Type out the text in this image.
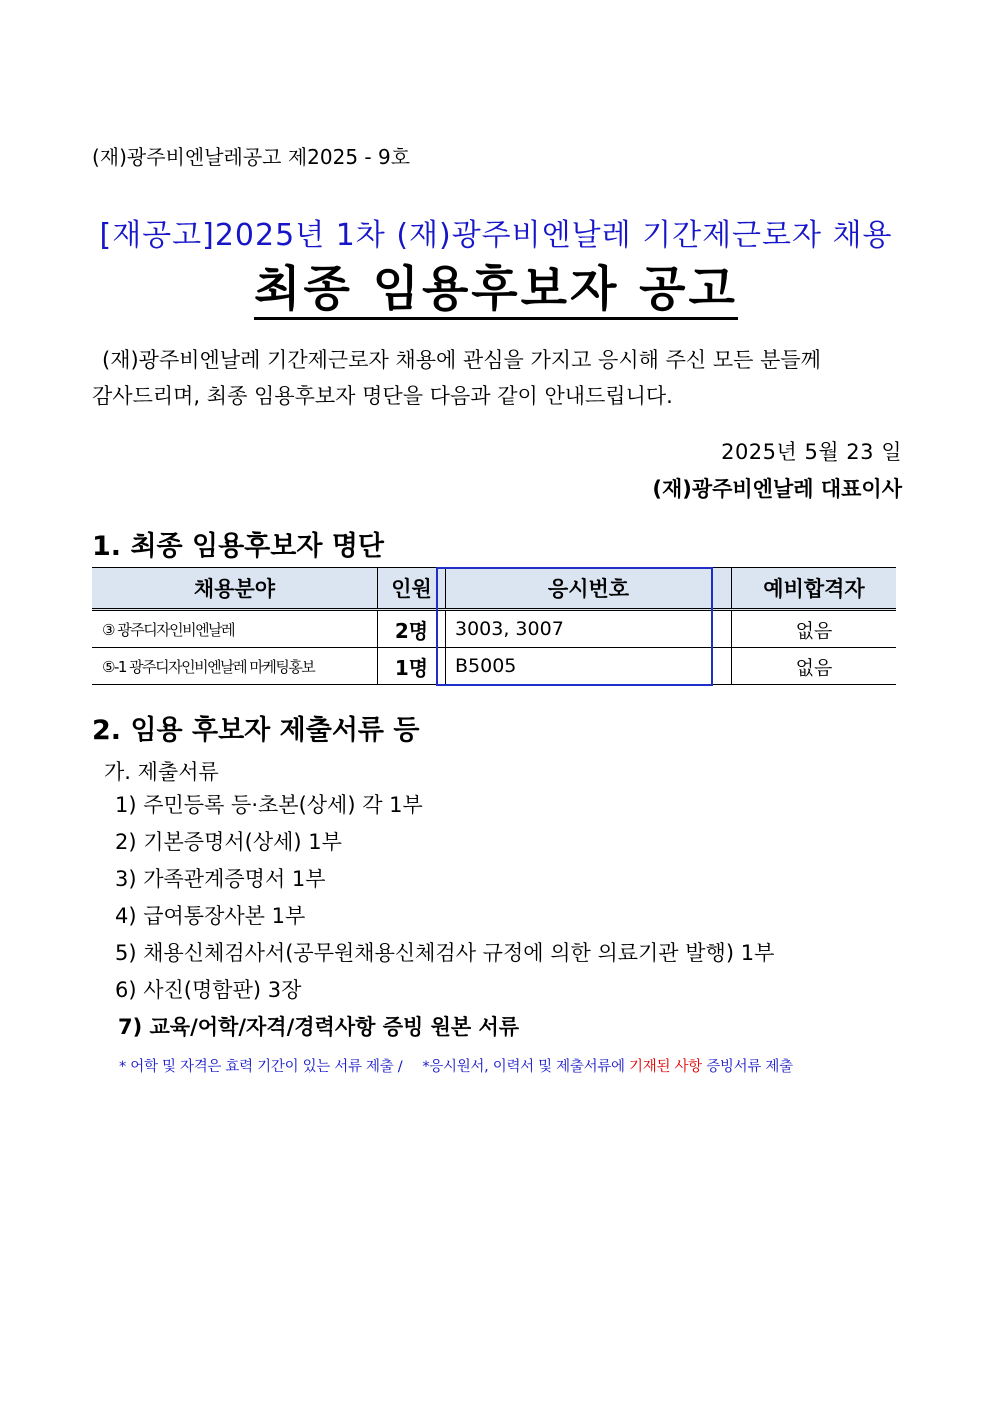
(재)광주비엔날레공고 제2025 - 9호
[재공고]2025년 1차 (재)광주비엔날레 기간제근로자 채용
최종 임용후보자 공고

(재)광주비엔날레 기간제근로자 채용에 관심을 가지고 응시해 주신 모든 분들께

감사드리며, 최종 임용후보자 명단을 다음과 같이 안내드립니다.

2025년 5월 23 일
(재)광주비엔날레 대표이사
1. 최종 임용후보자 명단
채용분야	인원	응시번호	예비합격자
③ 광주디자인비엔날레	2명	3003, 3007	없음
⑤-1 광주디자인비엔날레 마케팅홍보	1명	B5005	없음
2. 임용 후보자 제출서류 등
가. 제출서류
1) 주민등록 등·초본(상세) 각 1부
2) 기본증명서(상세) 1부
3) 가족관계증명서 1부
4) 급여통장사본 1부
5) 채용신체검사서(공무원채용신체검사 규정에 의한 의료기관 발행) 1부
6) 사진(명함판) 3장
7) 교육/어학/자격/경력사항 증빙 원본 서류
* 어학 및 자격은 효력 기간이 있는 서류 제출 / *응시원서, 이력서 및 제출서류에 기재된 사항 증빙서류 제출
